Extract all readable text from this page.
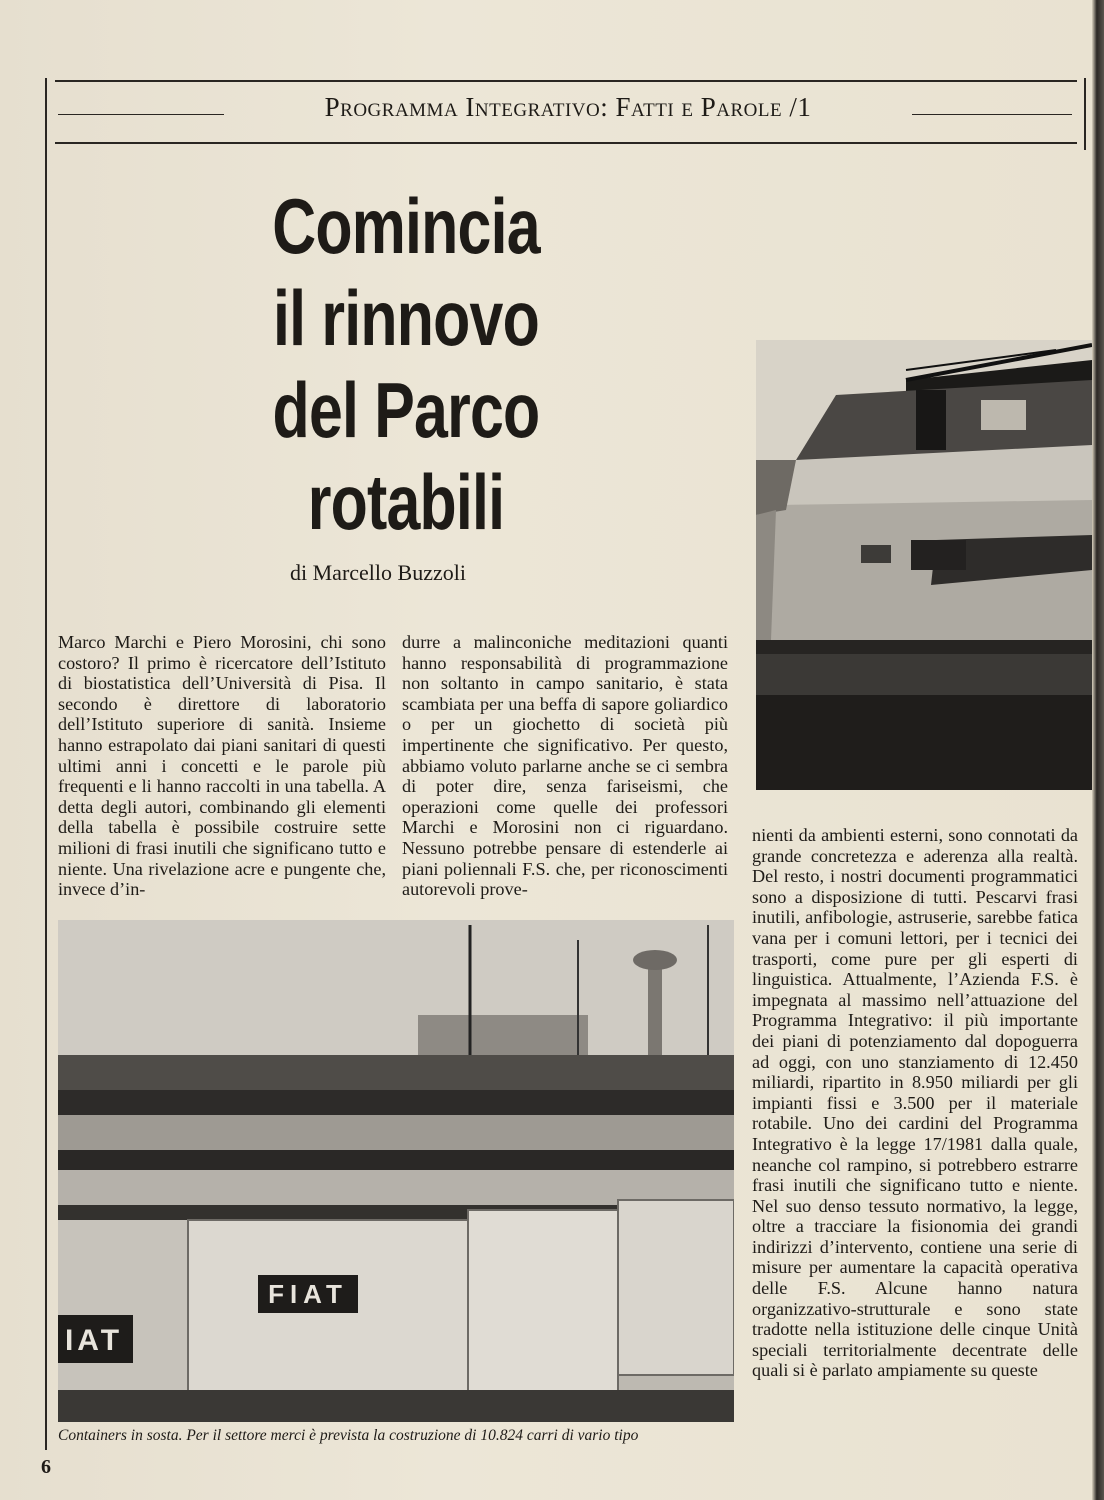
Programma Integrativo: Fatti e Parole /1
Comincia
il rinnovo
del Parco
rotabili
di Marcello Buzzoli
Marco Marchi e Piero Morosini, chi sono costoro? Il primo è ricercatore dell’Istituto di biostatistica dell’Università di Pisa. Il secondo è direttore di laboratorio dell’Istituto superiore di sanità. Insieme hanno estrapolato dai piani sanitari di questi ultimi anni i concetti e le parole più frequenti e li hanno raccolti in una tabella. A detta degli autori, combinando gli elementi della tabella è possibile costruire sette milioni di frasi inutili che significano tutto e niente. Una rivelazione acre e pungente che, invece d’in-
durre a malinconiche meditazioni quanti hanno responsabilità di programmazione non soltanto in campo sanitario, è stata scambiata per una beffa di sapore goliardico o per un giochetto di società più impertinente che significativo. Per questo, abbiamo voluto parlarne anche se ci sembra di poter dire, senza fariseismi, che operazioni come quelle dei professori Marchi e Morosini non ci riguardano. Nessuno potrebbe pensare di estenderle ai piani poliennali F.S. che, per riconoscimenti autorevoli prove-
nienti da ambienti esterni, sono connotati da grande concretezza e aderenza alla realtà. Del resto, i nostri documenti programmatici sono a disposizione di tutti. Pescarvi frasi inutili, anfibologie, astruserie, sarebbe fatica vana per i comuni lettori, per i tecnici dei trasporti, come pure per gli esperti di linguistica. Attualmente, l’Azienda F.S. è impegnata al massimo nell’attuazione del Programma Integrativo: il più importante dei piani di potenziamento dal dopoguerra ad oggi, con uno stanziamento di 12.450 miliardi, ripartito in 8.950 miliardi per gli impianti fissi e 3.500 per il materiale rotabile. Uno dei cardini del Programma Integrativo è la legge 17/1981 dalla quale, neanche col rampino, si potrebbero estrarre frasi inutili che significano tutto e niente. Nel suo denso tessuto normativo, la legge, oltre a tracciare la fisionomia dei grandi indirizzi d’intervento, contiene una serie di misure per aumentare la capacità operativa delle F.S. Alcune hanno natura organizzativo-strutturale e sono state tradotte nella istituzione delle cinque Unità speciali territorialmente decentrate delle quali si è parlato ampiamente su queste
FIAT
IAT
Containers in sosta. Per il settore merci è prevista la costruzione di 10.824 carri di vario tipo
6
